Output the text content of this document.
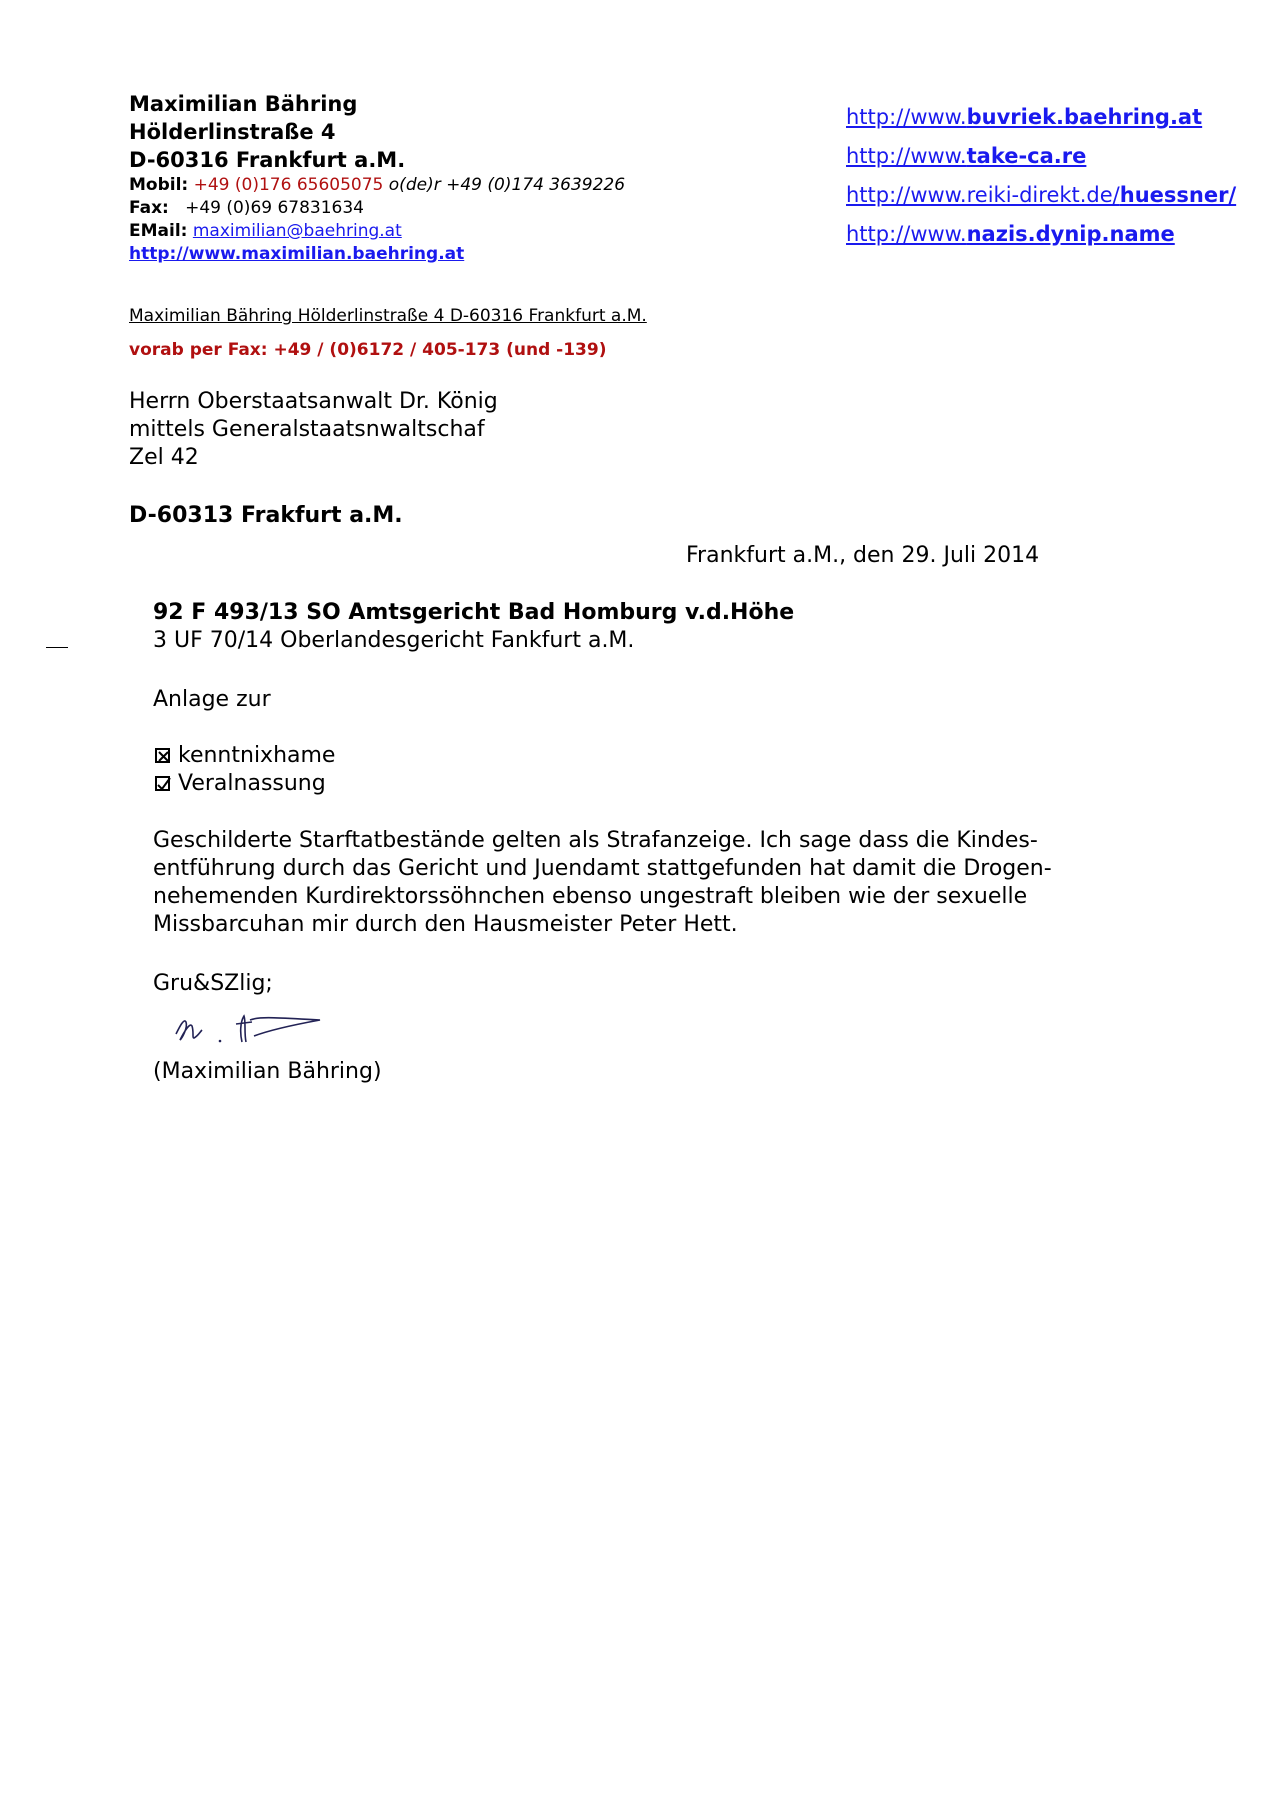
Maximilian Bähring
Hölderlinstraße 4
D-60316 Frankfurt a.M.
Mobil: +49 (0)176 65605075 o(de)r +49 (0)174 3639226
Fax: +49 (0)69 67831634
EMail: maximilian@baehring.at
http://www.maximilian.baehring.at
http://www.buvriek.baehring.at
http://www.take-ca.re
http://www.reiki-direkt.de/huessner/
http://www.nazis.dynip.name
Maximilian Bähring Hölderlinstraße 4 D-60316 Frankfurt a.M.
vorab per Fax: +49 / (0)6172 / 405-173 (und -139)
Herrn Oberstaatsanwalt Dr. König
mittels Generalstaatsnwaltschaf
Zel 42
D-60313 Frakfurt a.M.
Frankfurt a.M., den 29. Juli 2014
92 F 493/13 SO Amtsgericht Bad Homburg v.d.Höhe
3 UF 70/14 Oberlandesgericht Fankfurt a.M.
Anlage zur
kenntnixhame
Veralnassung
Geschilderte Starftatbestände gelten als Strafanzeige. Ich sage dass die Kindes-
entführung durch das Gericht und Juendamt stattgefunden hat damit die Drogen-
nehemenden Kurdirektorssöhnchen ebenso ungestraft bleiben wie der sexuelle
Missbarcuhan mir durch den Hausmeister Peter Hett.
Gru&SZlig;
(Maximilian Bähring)
